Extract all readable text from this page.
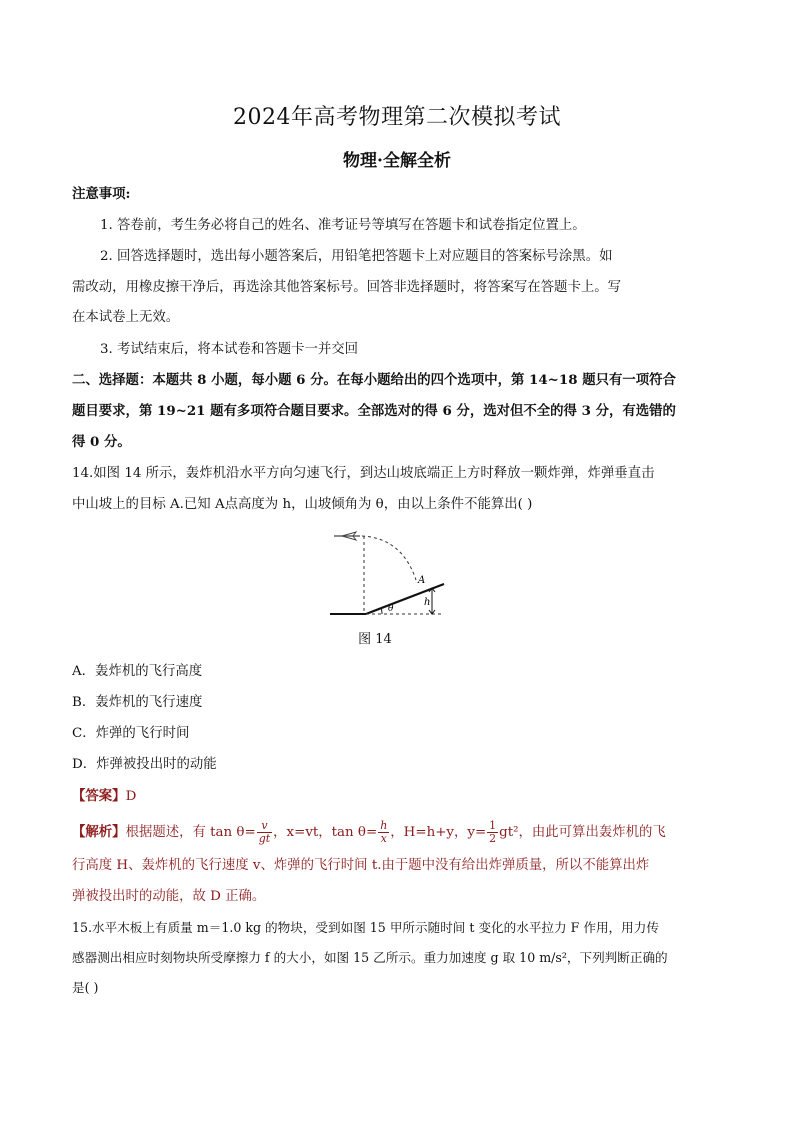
2024年高考物理第二次模拟考试
物理·全解全析
注意事项:
1. 答卷前，考生务必将自己的姓名、准考证号等填写在答题卡和试卷指定位置上。
2. 回答选择题时，选出每小题答案后，用铅笔把答题卡上对应题目的答案标号涂黑。如
需改动，用橡皮擦干净后，再选涂其他答案标号。回答非选择题时，将答案写在答题卡上。写
在本试卷上无效。
3. 考试结束后，将本试卷和答题卡一并交回
二、选择题：本题共 8 小题，每小题 6 分。在每小题给出的四个选项中，第 14~18 题只有一项符合
题目要求，第 19~21 题有多项符合题目要求。全部选对的得 6 分，选对但不全的得 3 分，有选错的
得 0 分。
14.如图 14 所示，轰炸机沿水平方向匀速飞行，到达山坡底端正上方时释放一颗炸弹，炸弹垂直击
中山坡上的目标 A.已知 A点高度为 h，山坡倾角为 θ，由以上条件不能算出( )
A
h
θ
图 14
A．轰炸机的飞行高度
B．轰炸机的飞行速度
C．炸弹的飞行时间
D．炸弹被投出时的动能
【答案】D
【解析】根据题述，有 $\tan \theta= \frac{v}{gt}$ ，x=vt，$\tan \theta= \frac{h}{x}$ ，H=h+y，$y= \frac{1}{2} gt^2$，由此可算出轰炸机的飞
行高度 H、轰炸机的飞行速度 v、炸弹的飞行时间 t.由于题中没有给出炸弹质量，所以不能算出炸
弹被投出时的动能，故 D 正确。
15.水平木板上有质量 m＝1.0 kg 的物块，受到如图 15 甲所示随时间 t 变化的水平拉力 F 作用，用力传
感器测出相应时刻物块所受摩擦力 f 的大小，如图 15 乙所示。重力加速度 g 取 10 m/s²，下列判断正确的
是( )
